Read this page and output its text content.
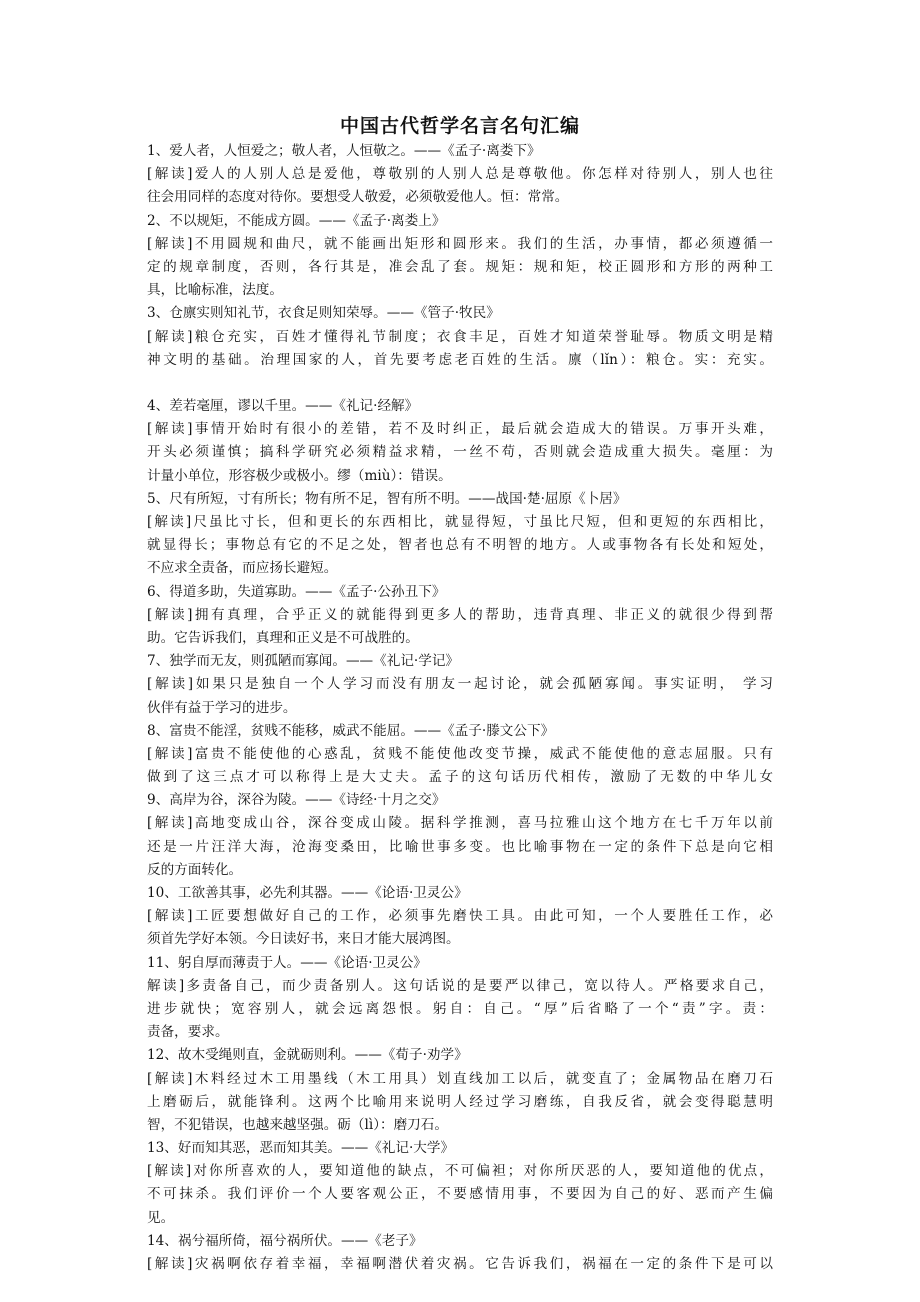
中国古代哲学名言名句汇编
1、爱人者，人恒爱之；敬人者，人恒敬之。——《孟子·离娄下》
[解读]爱人的人别人总是爱他，尊敬别的人别人总是尊敬他。你怎样对待别人，别人也往
往会用同样的态度对待你。要想受人敬爱，必须敬爱他人。恒：常常。
2、不以规矩，不能成方圆。——《孟子·离娄上》
[解读]不用圆规和曲尺，就不能画出矩形和圆形来。我们的生活，办事情，都必须遵循一
定的规章制度，否则，各行其是，准会乱了套。规矩：规和矩，校正圆形和方形的两种工
具，比喻标准，法度。
3、仓廪实则知礼节，衣食足则知荣辱。——《管子·牧民》
[解读]粮仓充实，百姓才懂得礼节制度；衣食丰足，百姓才知道荣誉耻辱。物质文明是精
神文明的基础。治理国家的人，首先要考虑老百姓的生活。廪（lǐn）：粮仓。实：充实。
4、差若毫厘，谬以千里。——《礼记·经解》
[解读]事情开始时有很小的差错，若不及时纠正，最后就会造成大的错误。万事开头难，
开头必须谨慎；搞科学研究必须精益求精，一丝不苟，否则就会造成重大损失。毫厘：为
计量小单位，形容极少或极小。缪（miù）：错误。
5、尺有所短，寸有所长；物有所不足，智有所不明。——战国·楚·屈原《卜居》
[解读]尺虽比寸长，但和更长的东西相比，就显得短，寸虽比尺短，但和更短的东西相比，
就显得长；事物总有它的不足之处，智者也总有不明智的地方。人或事物各有长处和短处，
不应求全责备，而应扬长避短。
6、得道多助，失道寡助。——《孟子·公孙丑下》
[解读]拥有真理，合乎正义的就能得到更多人的帮助，违背真理、非正义的就很少得到帮
助。它告诉我们，真理和正义是不可战胜的。
7、独学而无友，则孤陋而寡闻。——《礼记·学记》
[解读]如果只是独自一个人学习而没有朋友一起讨论，就会孤陋寡闻。事实证明， 学习
伙伴有益于学习的进步。
8、富贵不能淫，贫贱不能移，威武不能屈。——《孟子·滕文公下》
[解读]富贵不能使他的心惑乱，贫贱不能使他改变节操，威武不能使他的意志屈服。只有
做到了这三点才可以称得上是大丈夫。孟子的这句话历代相传，激励了无数的中华儿女
9、高岸为谷，深谷为陵。——《诗经·十月之交》
[解读]高地变成山谷，深谷变成山陵。据科学推测，喜马拉雅山这个地方在七千万年以前
还是一片汪洋大海，沧海变桑田，比喻世事多变。也比喻事物在一定的条件下总是向它相
反的方面转化。
10、工欲善其事，必先利其器。——《论语·卫灵公》
[解读]工匠要想做好自己的工作，必须事先磨快工具。由此可知，一个人要胜任工作，必
须首先学好本领。今日读好书，来日才能大展鸿图。
11、躬自厚而薄责于人。——《论语·卫灵公》
解读]多责备自己，而少责备别人。这句话说的是要严以律己，宽以待人。严格要求自己，
进步就快；宽容别人，就会远离怨恨。躬自：自己。“厚”后省略了一个“责”字。责：
责备，要求。
12、故木受绳则直，金就砺则利。——《荀子·劝学》
[解读]木料经过木工用墨线（木工用具）划直线加工以后，就变直了；金属物品在磨刀石
上磨砺后，就能锋利。这两个比喻用来说明人经过学习磨练，自我反省，就会变得聪慧明
智，不犯错误，也越来越坚强。砺（lì）：磨刀石。
13、好而知其恶，恶而知其美。——《礼记·大学》
[解读]对你所喜欢的人，要知道他的缺点，不可偏袒；对你所厌恶的人，要知道他的优点，
不可抹杀。我们评价一个人要客观公正，不要感情用事，不要因为自己的好、恶而产生偏
见。
14、祸兮福所倚，福兮祸所伏。——《老子》
[解读]灾祸啊依存着幸福，幸福啊潜伏着灾祸。它告诉我们，祸福在一定的条件下是可以
